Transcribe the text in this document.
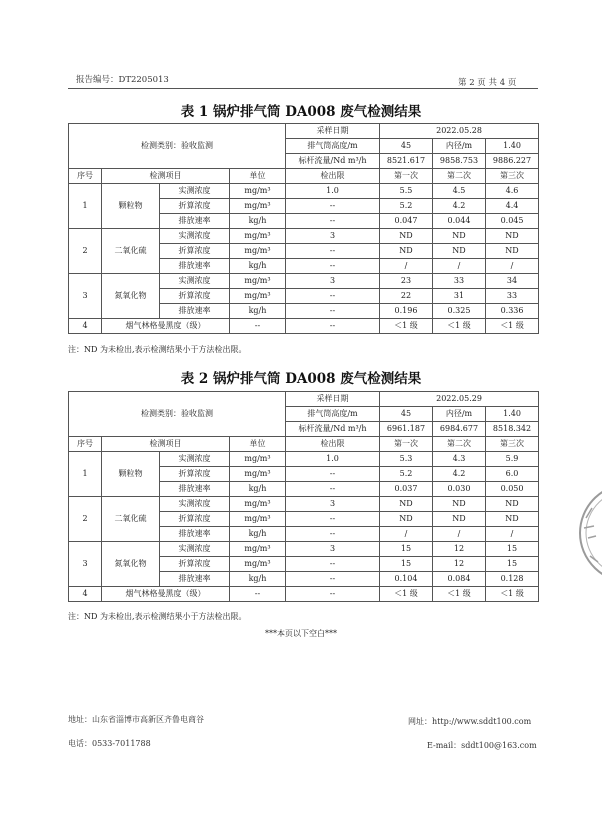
报告编号：DT2205013	第 2 页 共 4 页
表 1 锅炉排气筒 DA008 废气检测结果
检测类别：验收监测				采样日期	2022.05.28		
				排气筒高度/m	45	内径/m	1.40
				标杆流量/Nd m³/h	8521.617	9858.753	9886.227
序号	检测项目		单位	检出限	第一次	第二次	第三次
1	颗粒物	实测浓度	mg/m³	1.0	5.5	4.5	4.6
		折算浓度	mg/m³	--	5.2	4.2	4.4
		排放速率	kg/h	--	0.047	0.044	0.045
2	二氧化硫	实测浓度	mg/m³	3	ND	ND	ND
		折算浓度	mg/m³	--	ND	ND	ND
		排放速率	kg/h	--	/	/	/
3	氮氧化物	实测浓度	mg/m³	3	23	33	34
		折算浓度	mg/m³	--	22	31	33
		排放速率	kg/h	--	0.196	0.325	0.336
4	烟气林格曼黑度（级）		--	--	＜1 级	＜1 级	＜1 级
注：ND 为未检出,表示检测结果小于方法检出限。
表 2 锅炉排气筒 DA008 废气检测结果
检测类别：验收监测				采样日期	2022.05.29		
				排气筒高度/m	45	内径/m	1.40
				标杆流量/Nd m³/h	6961.187	6984.677	8518.342
序号	检测项目		单位	检出限	第一次	第二次	第三次
1	颗粒物	实测浓度	mg/m³	1.0	5.3	4.3	5.9
		折算浓度	mg/m³	--	5.2	4.2	6.0
		排放速率	kg/h	--	0.037	0.030	0.050
2	二氧化硫	实测浓度	mg/m³	3	ND	ND	ND
		折算浓度	mg/m³	--	ND	ND	ND
		排放速率	kg/h	--	/	/	/
3	氮氧化物	实测浓度	mg/m³	3	15	12	15
		折算浓度	mg/m³	--	15	12	15
		排放速率	kg/h	--	0.104	0.084	0.128
4	烟气林格曼黑度（级）		--	--	＜1 级	＜1 级	＜1 级
注：ND 为未检出,表示检测结果小于方法检出限。
***本页以下空白***
地址：山东省淄博市高新区齐鲁电商谷	网址：http://www.sddt100.com
电话：0533-7011788	E-mail：sddt100@163.com
